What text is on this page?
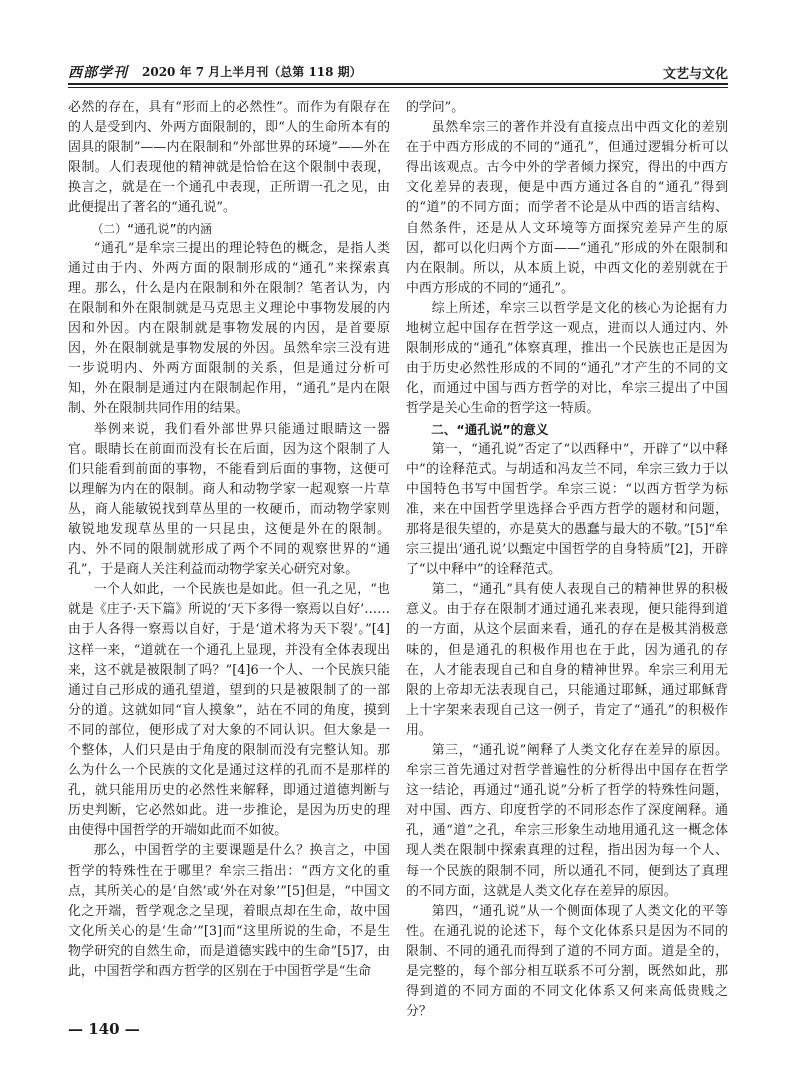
西部学刊 2020 年 7 月上半月刊（总第 118 期）	文艺与文化

必然的存在，具有“形而上的必然性”。而作为有限存在的人是受到内、外两方面限制的，即“人的生命所本有的固具的限制”——内在限制和“外部世界的环境”——外在限制。人们表现他的精神就是恰恰在这个限制中表现，换言之，就是在一个通孔中表现，正所谓一孔之见，由此便提出了著名的“通孔说”。

（二）“通孔说”的内涵

“通孔”是牟宗三提出的理论特色的概念，是指人类通过由于内、外两方面的限制形成的“通孔”来探索真理。那么，什么是内在限制和外在限制？笔者认为，内在限制和外在限制就是马克思主义理论中事物发展的内因和外因。内在限制就是事物发展的内因，是首要原因，外在限制就是事物发展的外因。虽然牟宗三没有进一步说明内、外两方面限制的关系，但是通过分析可知，外在限制是通过内在限制起作用，“通孔”是内在限制、外在限制共同作用的结果。

举例来说，我们看外部世界只能通过眼睛这一器官。眼睛长在前面而没有长在后面，因为这个限制了人们只能看到前面的事物，不能看到后面的事物，这便可以理解为内在的限制。商人和动物学家一起观察一片草丛，商人能敏锐找到草丛里的一枚硬币，而动物学家则敏锐地发现草丛里的一只昆虫，这便是外在的限制。内、外不同的限制就形成了两个不同的观察世界的“通孔”，于是商人关注利益而动物学家关心研究对象。

一个人如此，一个民族也是如此。但一孔之见，“也就是《庄子·天下篇》所说的‘天下多得一察焉以自好’……由于人各得一察焉以自好，于是‘道术将为天下裂’。”[4]这样一来，“道就在一个通孔上显现，并没有全体表现出来，这不就是被限制了吗？”[4]6一个人、一个民族只能通过自己形成的通孔望道，望到的只是被限制了的一部分的道。这就如同“盲人摸象”，站在不同的角度，摸到不同的部位，便形成了对大象的不同认识。但大象是一个整体，人们只是由于角度的限制而没有完整认知。那么为什么一个民族的文化是通过这样的孔而不是那样的孔，就只能用历史的必然性来解释，即通过道德判断与历史判断，它必然如此。进一步推论，是因为历史的理由使得中国哲学的开端如此而不如彼。

那么，中国哲学的主要课题是什么？换言之，中国哲学的特殊性在于哪里？牟宗三指出：“西方文化的重点，其所关心的是‘自然’或‘外在对象’”[5]但是，“中国文化之开端，哲学观念之呈现，着眼点却在生命，故中国文化所关心的是‘生命’”[3]而“这里所说的生命，不是生物学研究的自然生命，而是道德实践中的生命”[5]7，由此，中国哲学和西方哲学的区别在于中国哲学是“生命

的学问”。

虽然牟宗三的著作并没有直接点出中西文化的差别在于中西方形成的不同的“通孔”，但通过逻辑分析可以得出该观点。古今中外的学者倾力探究，得出的中西方文化差异的表现，便是中西方通过各自的“通孔”得到的“道”的不同方面；而学者不论是从中西的语言结构、自然条件，还是从人文环境等方面探究差异产生的原因，都可以化归两个方面——“通孔”形成的外在限制和内在限制。所以，从本质上说，中西文化的差别就在于中西方形成的不同的“通孔”。

综上所述，牟宗三以哲学是文化的核心为论据有力地树立起中国存在哲学这一观点，进而以人通过内、外限制形成的“通孔”体察真理，推出一个民族也正是因为由于历史必然性形成的不同的“通孔”才产生的不同的文化，而通过中国与西方哲学的对比，牟宗三提出了中国哲学是关心生命的哲学这一特质。

二、“通孔说”的意义

第一，“通孔说”否定了“以西释中”，开辟了“以中释中”的诠释范式。与胡适和冯友兰不同，牟宗三致力于以中国特色书写中国哲学。牟宗三说：“以西方哲学为标准，来在中国哲学里选择合乎西方哲学的题材和问题，那将是很失望的，亦是莫大的愚蠢与最大的不敬。”[5]“牟宗三提出‘通孔说’以甄定中国哲学的自身特质”[2]，开辟了“以中释中”的诠释范式。

第二，“通孔”具有使人表现自己的精神世界的积极意义。由于存在限制才通过通孔来表现，便只能得到道的一方面，从这个层面来看，通孔的存在是极其消极意味的，但是通孔的积极作用也在于此，因为通孔的存在，人才能表现自己和自身的精神世界。牟宗三利用无限的上帝却无法表现自己，只能通过耶稣，通过耶稣背上十字架来表现自己这一例子，肯定了“通孔”的积极作用。

第三，“通孔说”阐释了人类文化存在差异的原因。牟宗三首先通过对哲学普遍性的分析得出中国存在哲学这一结论，再通过“通孔说”分析了哲学的特殊性问题，对中国、西方、印度哲学的不同形态作了深度阐释。通孔，通“道”之孔，牟宗三形象生动地用通孔这一概念体现人类在限制中探索真理的过程，指出因为每一个人、每一个民族的限制不同，所以通孔不同，便到达了真理的不同方面，这就是人类文化存在差异的原因。

第四，“通孔说”从一个侧面体现了人类文化的平等性。在通孔说的论述下，每个文化体系只是因为不同的限制、不同的通孔而得到了道的不同方面。道是全的，是完整的，每个部分相互联系不可分割，既然如此，那得到道的不同方面的不同文化体系又何来高低贵贱之分？

— 140 —
